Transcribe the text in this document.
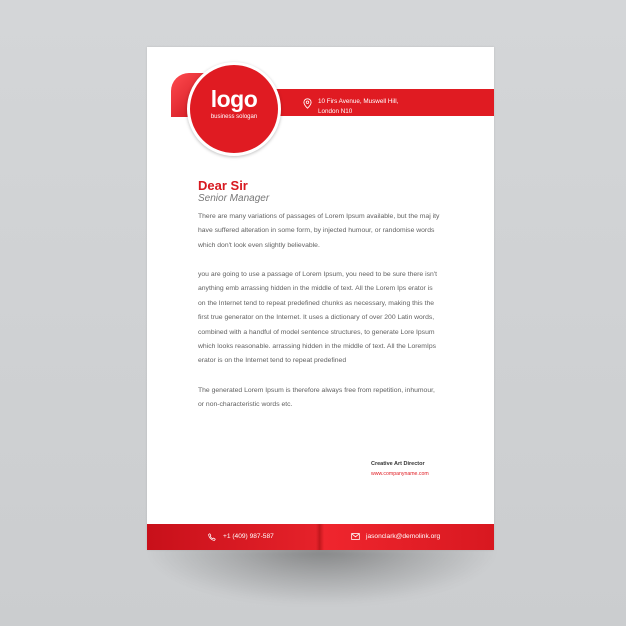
logo
business sologan
10 Firs Avenue, Muswell Hill,
London N10
Dear Sir
Senior Manager
There are many variations of passages of Lorem Ipsum available, but the maj ity
have suffered alteration in some form, by injected humour, or randomise words
which don't look even slightly believable.
you are going to use a passage of Lorem Ipsum, you need to be sure there isn't
anything emb arrassing hidden in the middle of text. All the Lorem Ips erator is
on the Internet tend to repeat predefined chunks as necessary, making this the
first true generator on the Internet. It uses a dictionary of over 200 Latin words,
combined with a handful of model sentence structures, to generate Lore Ipsum
which looks reasonable. arrassing hidden in the middle of text. All the LoremIps
erator is on the Internet tend to repeat predefined
The generated Lorem Ipsum is therefore always free from repetition, inhumour,
or non-characteristic words etc.
Creative Art Director
www.companyname.com
+1 (409) 987-587	jasonclark@demolink.org
